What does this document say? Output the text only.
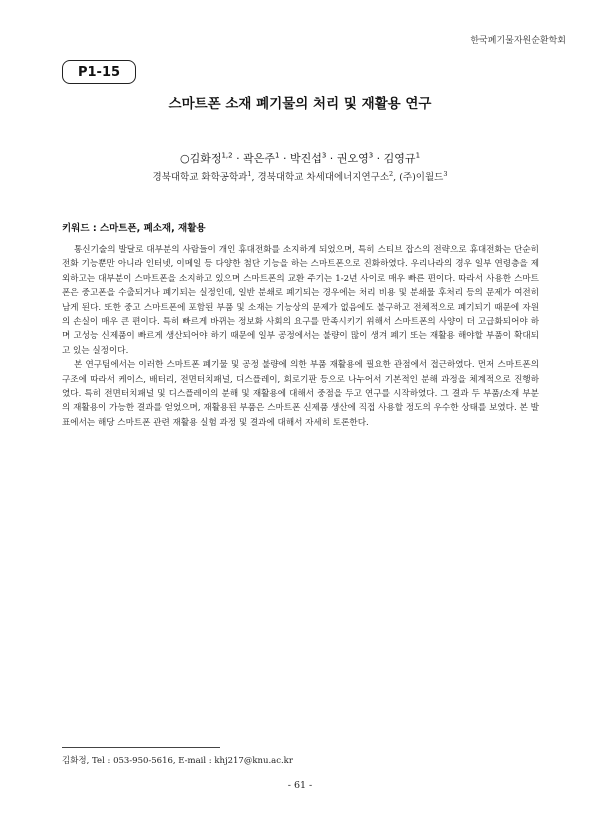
한국폐기물자원순환학회
P1-15
스마트폰 소재 폐기물의 처리 및 재활용 연구
○김화정$^{1,2}$ · 곽은주$^1$ · 박진섭$^3$ · 권오영$^3$ · 김영규$^1$
경북대학교 화학공학과$^1$, 경북대학교 차세대에너지연구소$^2$, (주)이월드$^3$
키워드 : 스마트폰, 폐소재, 재활용

통신기술의 발달로 대부분의 사람들이 개인 휴대전화를 소지하게 되었으며, 특히 스티브 잡스의 전략으로 휴대전화는 단순히 전화 기능뿐만 아니라 인터넷, 이메일 등 다양한 첨단 기능을 하는 스마트폰으로 진화하였다. 우리나라의 경우 일부 연령층을 제외하고는 대부분이 스마트폰을 소지하고 있으며 스마트폰의 교환 주기는 1-2년 사이로 매우 빠른 편이다. 따라서 사용한 스마트폰은 중고폰을 수출되거나 폐기되는 실정인데, 일반 분쇄로 폐기되는 경우에는 처리 비용 및 분쇄물 후처리 등의 문제가 여전히 남게 된다. 또한 중고 스마트폰에 포함된 부품 및 소재는 기능상의 문제가 없음에도 불구하고 전체적으로 폐기되기 때문에 자원의 손실이 매우 큰 편이다. 특히 빠르게 바뀌는 정보화 사회의 요구를 만족시키기 위해서 스마트폰의 사양이 더 고급화되어야 하며 고성능 신제품이 빠르게 생산되어야 하기 때문에 일부 공정에서는 불량이 많이 생겨 폐기 또는 재활용 해야할 부품이 확대되고 있는 실정이다.

본 연구팀에서는 이러한 스마트폰 폐기물 및 공정 불량에 의한 부품 재활용에 필요한 관점에서 접근하였다. 먼저 스마트폰의 구조에 따라서 케이스, 배터리, 전면터치패널, 디스플레이, 회로기판 등으로 나누어서 기본적인 분해 과정을 체계적으로 진행하였다. 특히 전면터치패널 및 디스플레이의 분해 및 재활용에 대해서 중점을 두고 연구를 시작하였다. 그 결과 두 부품/소재 부분의 재활용이 가능한 결과를 얻었으며, 재활용된 부품은 스마트폰 신제품 생산에 직접 사용할 정도의 우수한 상태를 보였다. 본 발표에서는 해당 스마트폰 관련 재활용 실험 과정 및 결과에 대해서 자세히 토론한다.

김화정, Tel : 053-950-5616, E-mail : khj217@knu.ac.kr
- 61 -
